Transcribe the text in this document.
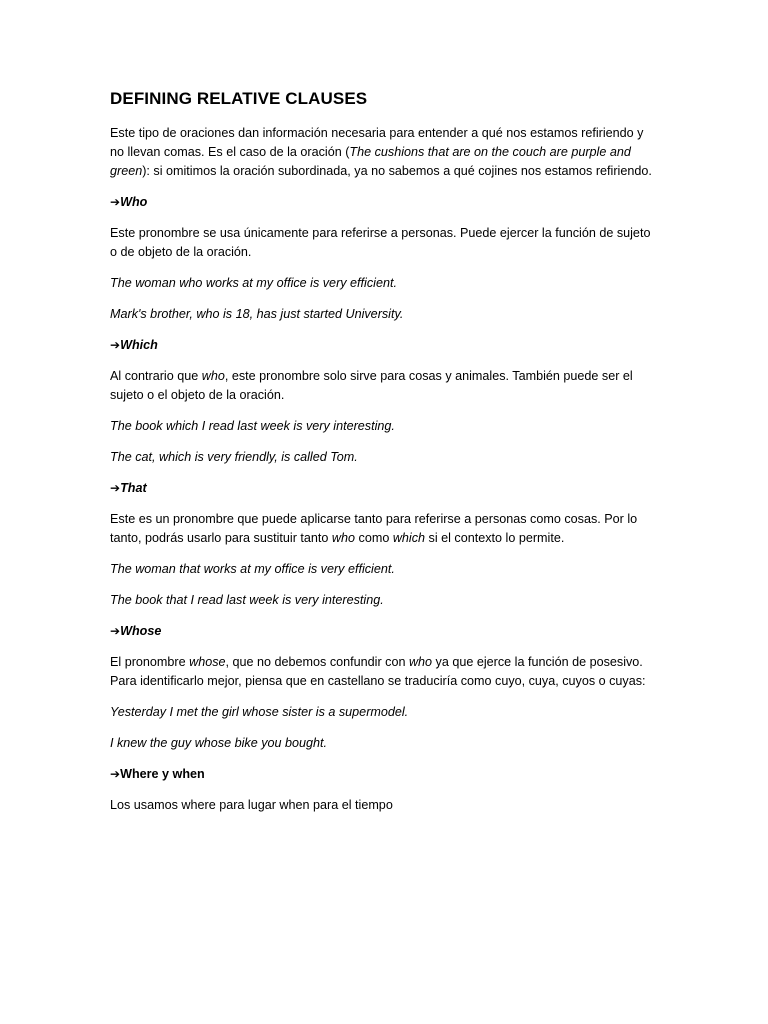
DEFINING RELATIVE CLAUSES

Este tipo de oraciones dan información necesaria para entender a qué nos estamos refiriendo y no llevan comas. Es el caso de la oración (The cushions that are on the couch are purple and green): si omitimos la oración subordinada, ya no sabemos a qué cojines nos estamos refiriendo.

➔Who

Este pronombre se usa únicamente para referirse a personas. Puede ejercer la función de sujeto o de objeto de la oración.

The woman who works at my office is very efficient.

Mark's brother, who is 18, has just started University.

➔Which

Al contrario que who, este pronombre solo sirve para cosas y animales. También puede ser el sujeto o el objeto de la oración.

The book which I read last week is very interesting.

The cat, which is very friendly, is called Tom.

➔That

Este es un pronombre que puede aplicarse tanto para referirse a personas como cosas. Por lo tanto, podrás usarlo para sustituir tanto who como which si el contexto lo permite.

The woman that works at my office is very efficient.

The book that I read last week is very interesting.

➔Whose

El pronombre whose, que no debemos confundir con who ya que ejerce la función de posesivo. Para identificarlo mejor, piensa que en castellano se traduciría como cuyo, cuya, cuyos o cuyas:

Yesterday I met the girl whose sister is a supermodel.

I knew the guy whose bike you bought.

➔Where y when

Los usamos where para lugar when para el tiempo
